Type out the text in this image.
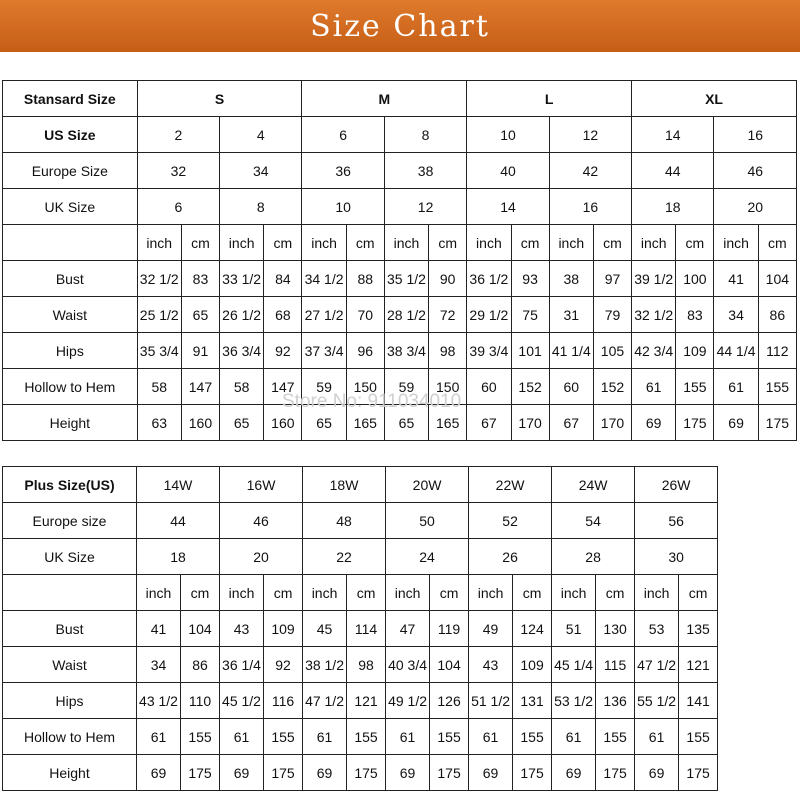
Size Chart
Stansard Size	S				M				L				XL			
US Size	2		4		6		8		10		12		14		16	
Europe Size	32		34		36		38		40		42		44		46	
UK Size	6		8		10		12		14		16		18		20	
	inch	cm	inch	cm	inch	cm	inch	cm	inch	cm	inch	cm	inch	cm	inch	cm
Bust	32 1/2	83	33 1/2	84	34 1/2	88	35 1/2	90	36 1/2	93	38	97	39 1/2	100	41	104
Waist	25 1/2	65	26 1/2	68	27 1/2	70	28 1/2	72	29 1/2	75	31	79	32 1/2	83	34	86
Hips	35 3/4	91	36 3/4	92	37 3/4	96	38 3/4	98	39 3/4	101	41 1/4	105	42 3/4	109	44 1/4	112
Hollow to Hem	58	147	58	147	59	150	59	150	60	152	60	152	61	155	61	155
Height	63	160	65	160	65	165	65	165	67	170	67	170	69	175	69	175
Plus Size(US)	14W		16W		18W		20W		22W		24W		26W	
Europe size	44		46		48		50		52		54		56	
UK Size	18		20		22		24		26		28		30	
	inch	cm	inch	cm	inch	cm	inch	cm	inch	cm	inch	cm	inch	cm
Bust	41	104	43	109	45	114	47	119	49	124	51	130	53	135
Waist	34	86	36 1/4	92	38 1/2	98	40 3/4	104	43	109	45 1/4	115	47 1/2	121
Hips	43 1/2	110	45 1/2	116	47 1/2	121	49 1/2	126	51 1/2	131	53 1/2	136	55 1/2	141
Hollow to Hem	61	155	61	155	61	155	61	155	61	155	61	155	61	155
Height	69	175	69	175	69	175	69	175	69	175	69	175	69	175
Store No: 911034010
